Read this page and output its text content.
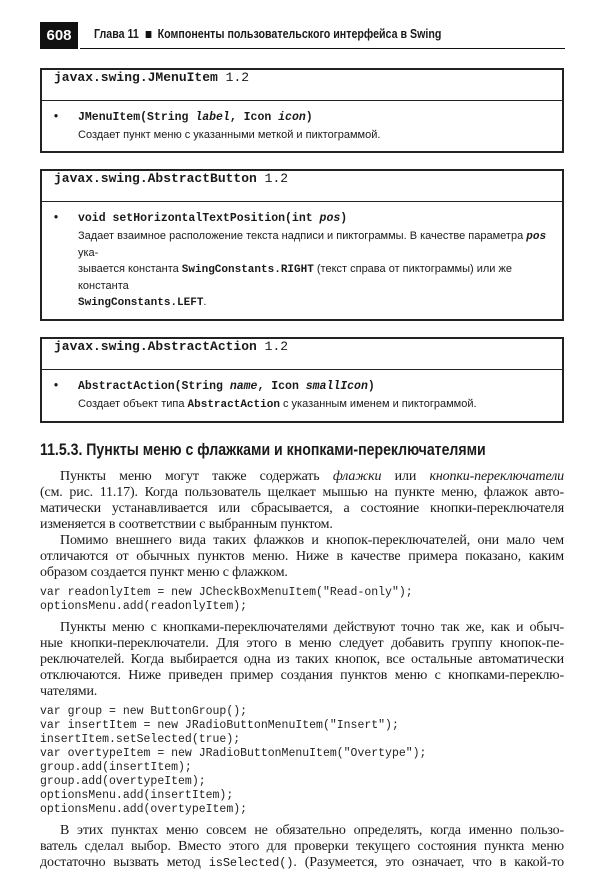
608	Глава 11 Компоненты пользовательского интерфейса в Swing
javax.swing.JMenuItem 1.2
• JMenuItem(String label, Icon icon)
Создает пункт меню с указанными меткой и пиктограммой.
javax.swing.AbstractButton 1.2
• void setHorizontalTextPosition(int pos)
Задает взаимное расположение текста надписи и пиктограммы. В качестве параметра pos ука-
зывается константа SwingConstants.RIGHT (текст справа от пиктограммы) или же константа
SwingConstants.LEFT.
javax.swing.AbstractAction 1.2
• AbstractAction(String name, Icon smallIcon)
Создает объект типа AbstractAction с указанным именем и пиктограммой.
11.5.3. Пункты меню с флажками и кнопками-переключателями
Пункты меню могут также содержать флажки или кнопки-переключатели
(см. рис. 11.17). Когда пользователь щелкает мышью на пункте меню, флажок авто-
матически устанавливается или сбрасывается, а состояние кнопки-переключателя
изменяется в соответствии с выбранным пунктом.
Помимо внешнего вида таких флажков и кнопок-переключателей, они мало чем
отличаются от обычных пунктов меню. Ниже в качестве примера показано, каким
образом создается пункт меню с флажком.
var readonlyItem = new JCheckBoxMenuItem("Read-only");
optionsMenu.add(readonlyItem);
Пункты меню с кнопками-переключателями действуют точно так же, как и обыч-
ные кнопки-переключатели. Для этого в меню следует добавить группу кнопок-пе-
реключателей. Когда выбирается одна из таких кнопок, все остальные автоматически
отключаются. Ниже приведен пример создания пунктов меню с кнопками-переклю-
чателями.
var group = new ButtonGroup();
var insertItem = new JRadioButtonMenuItem("Insert");
insertItem.setSelected(true);
var overtypeItem = new JRadioButtonMenuItem("Overtype");
group.add(insertItem);
group.add(overtypeItem);
optionsMenu.add(insertItem);
optionsMenu.add(overtypeItem);
В этих пунктах меню совсем не обязательно определять, когда именно пользо-
ватель сделал выбор. Вместо этого для проверки текущего состояния пункта меню
достаточно вызвать метод isSelected(). (Разумеется, это означает, что в какой-то
